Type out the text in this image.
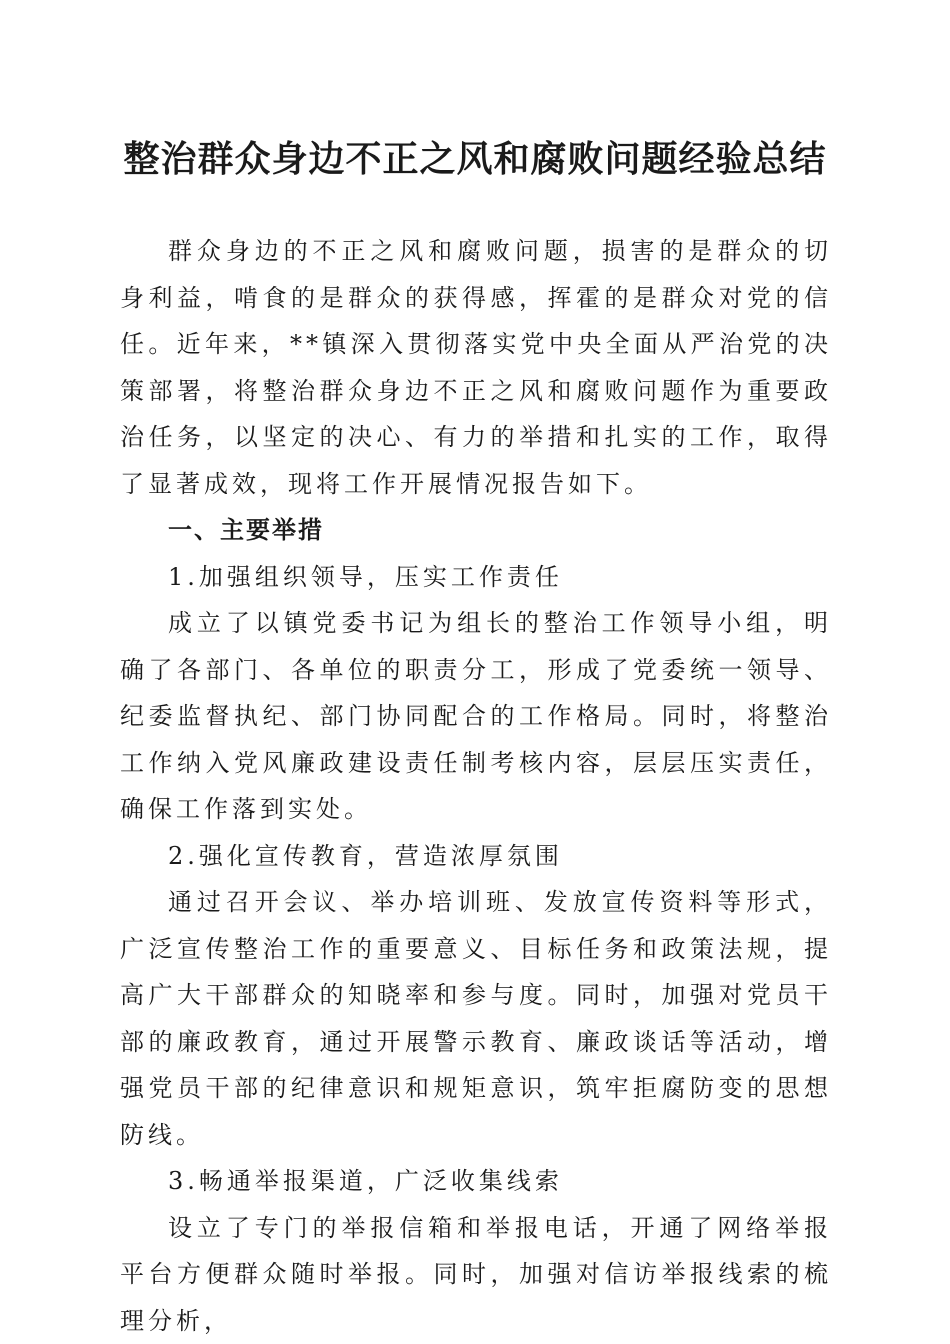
整治群众身边不正之风和腐败问题经验总结

群众身边的不正之风和腐败问题，损害的是群众的切身利益，啃食的是群众的获得感，挥霍的是群众对党的信任。近年来，**镇深入贯彻落实党中央全面从严治党的决策部署，将整治群众身边不正之风和腐败问题作为重要政治任务，以坚定的决心、有力的举措和扎实的工作，取得了显著成效，现将工作开展情况报告如下。

一、主要举措

1.加强组织领导，压实工作责任

成立了以镇党委书记为组长的整治工作领导小组，明确了各部门、各单位的职责分工，形成了党委统一领导、纪委监督执纪、部门协同配合的工作格局。同时，将整治工作纳入党风廉政建设责任制考核内容，层层压实责任，确保工作落到实处。

2.强化宣传教育，营造浓厚氛围

通过召开会议、举办培训班、发放宣传资料等形式，广泛宣传整治工作的重要意义、目标任务和政策法规，提高广大干部群众的知晓率和参与度。同时，加强对党员干部的廉政教育，通过开展警示教育、廉政谈话等活动，增强党员干部的纪律意识和规矩意识，筑牢拒腐防变的思想防线。

3.畅通举报渠道，广泛收集线索

设立了专门的举报信箱和举报电话，开通了网络举报平台方便群众随时举报。同时，加强对信访举报线索的梳理分析，
